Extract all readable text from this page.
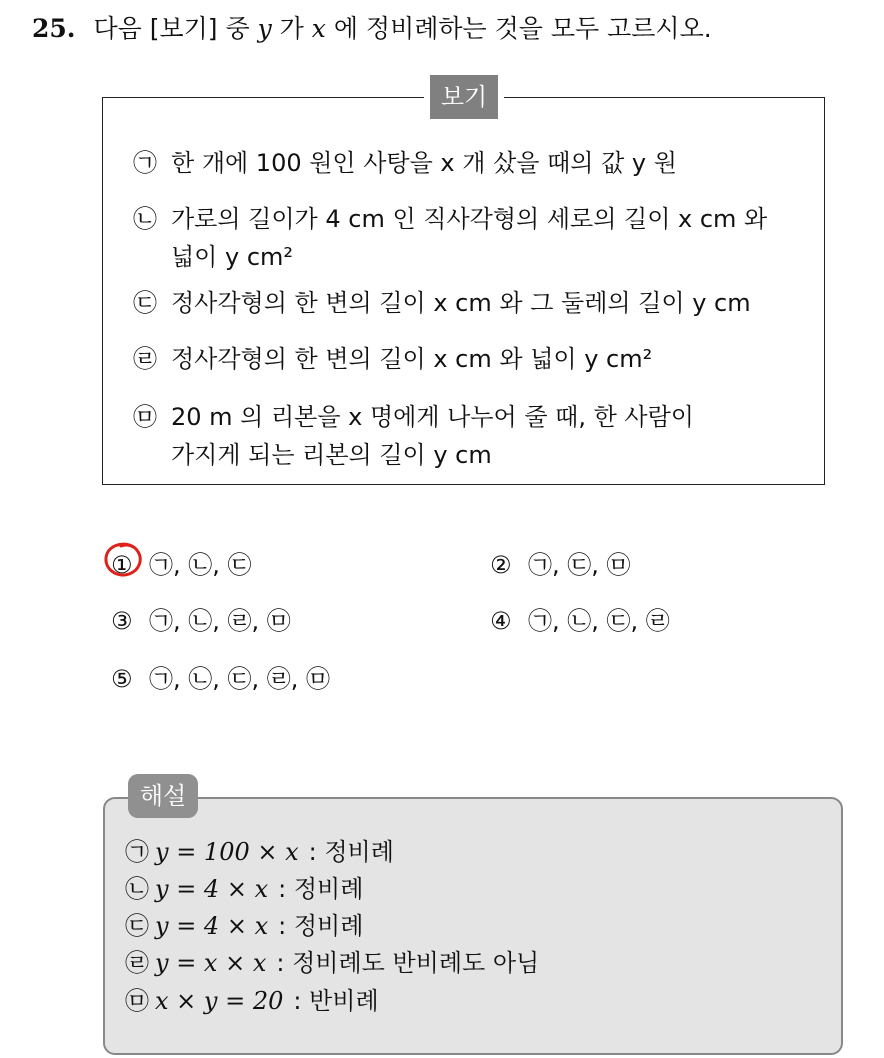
25. 다음 [보기] 중 y 가 x 에 정비례하는 것을 모두 고르시오.
보기
㉠ 한 개에 100 원인 사탕을 x 개 샀을 때의 값 y 원
㉡ 가로의 길이가 4 cm 인 직사각형의 세로의 길이 x cm 와
넓이 y cm²
㉢ 정사각형의 한 변의 길이 x cm 와 그 둘레의 길이 y cm
㉣ 정사각형의 한 변의 길이 x cm 와 넓이 y cm²
㉤ 20 m 의 리본을 x 명에게 나누어 줄 때, 한 사람이
가지게 되는 리본의 길이 y cm
① ㉠, ㉡, ㉢	② ㉠, ㉢, ㉤
③ ㉠, ㉡, ㉣, ㉤	④ ㉠, ㉡, ㉢, ㉣
⑤ ㉠, ㉡, ㉢, ㉣, ㉤
해설
㉠ y = 100 × x : 정비례
㉡ y = 4 × x : 정비례
㉢ y = 4 × x : 정비례
㉣ y = x × x : 정비례도 반비례도 아님
㉤ x × y = 20 : 반비례
